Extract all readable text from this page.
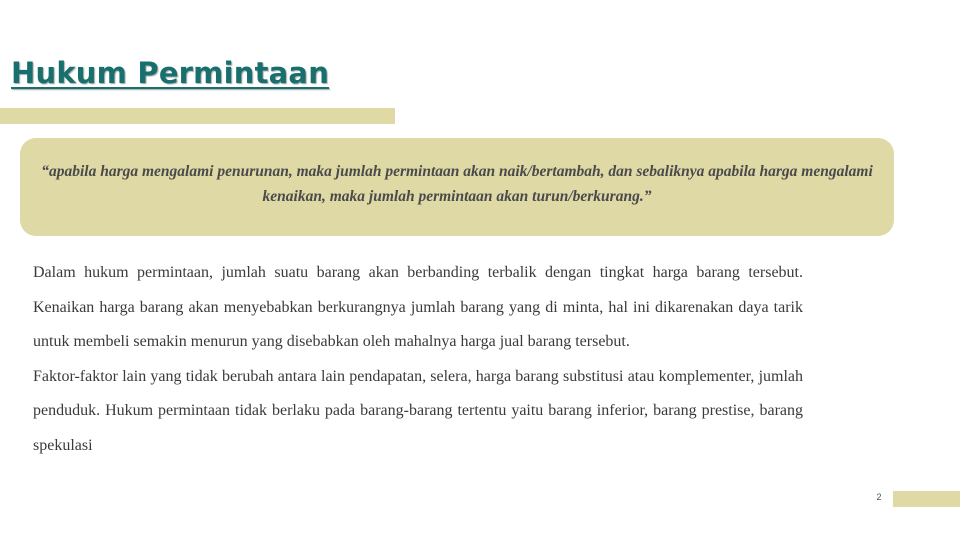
Hukum Permintaan
“apabila harga mengalami penurunan, maka jumlah permintaan akan naik/bertambah, dan sebaliknya apabila harga mengalami kenaikan, maka jumlah permintaan akan turun/berkurang.”

Dalam hukum permintaan, jumlah suatu barang akan berbanding terbalik dengan tingkat harga barang tersebut. Kenaikan harga barang akan menyebabkan berkurangnya jumlah barang yang di minta, hal ini dikarenakan daya tarik untuk membeli semakin menurun yang disebabkan oleh mahalnya harga jual barang tersebut.

Faktor-faktor lain yang tidak berubah antara lain pendapatan, selera, harga barang substitusi atau komplementer, jumlah penduduk. Hukum permintaan tidak berlaku pada barang-barang tertentu yaitu barang inferior, barang prestise, barang spekulasi

2
